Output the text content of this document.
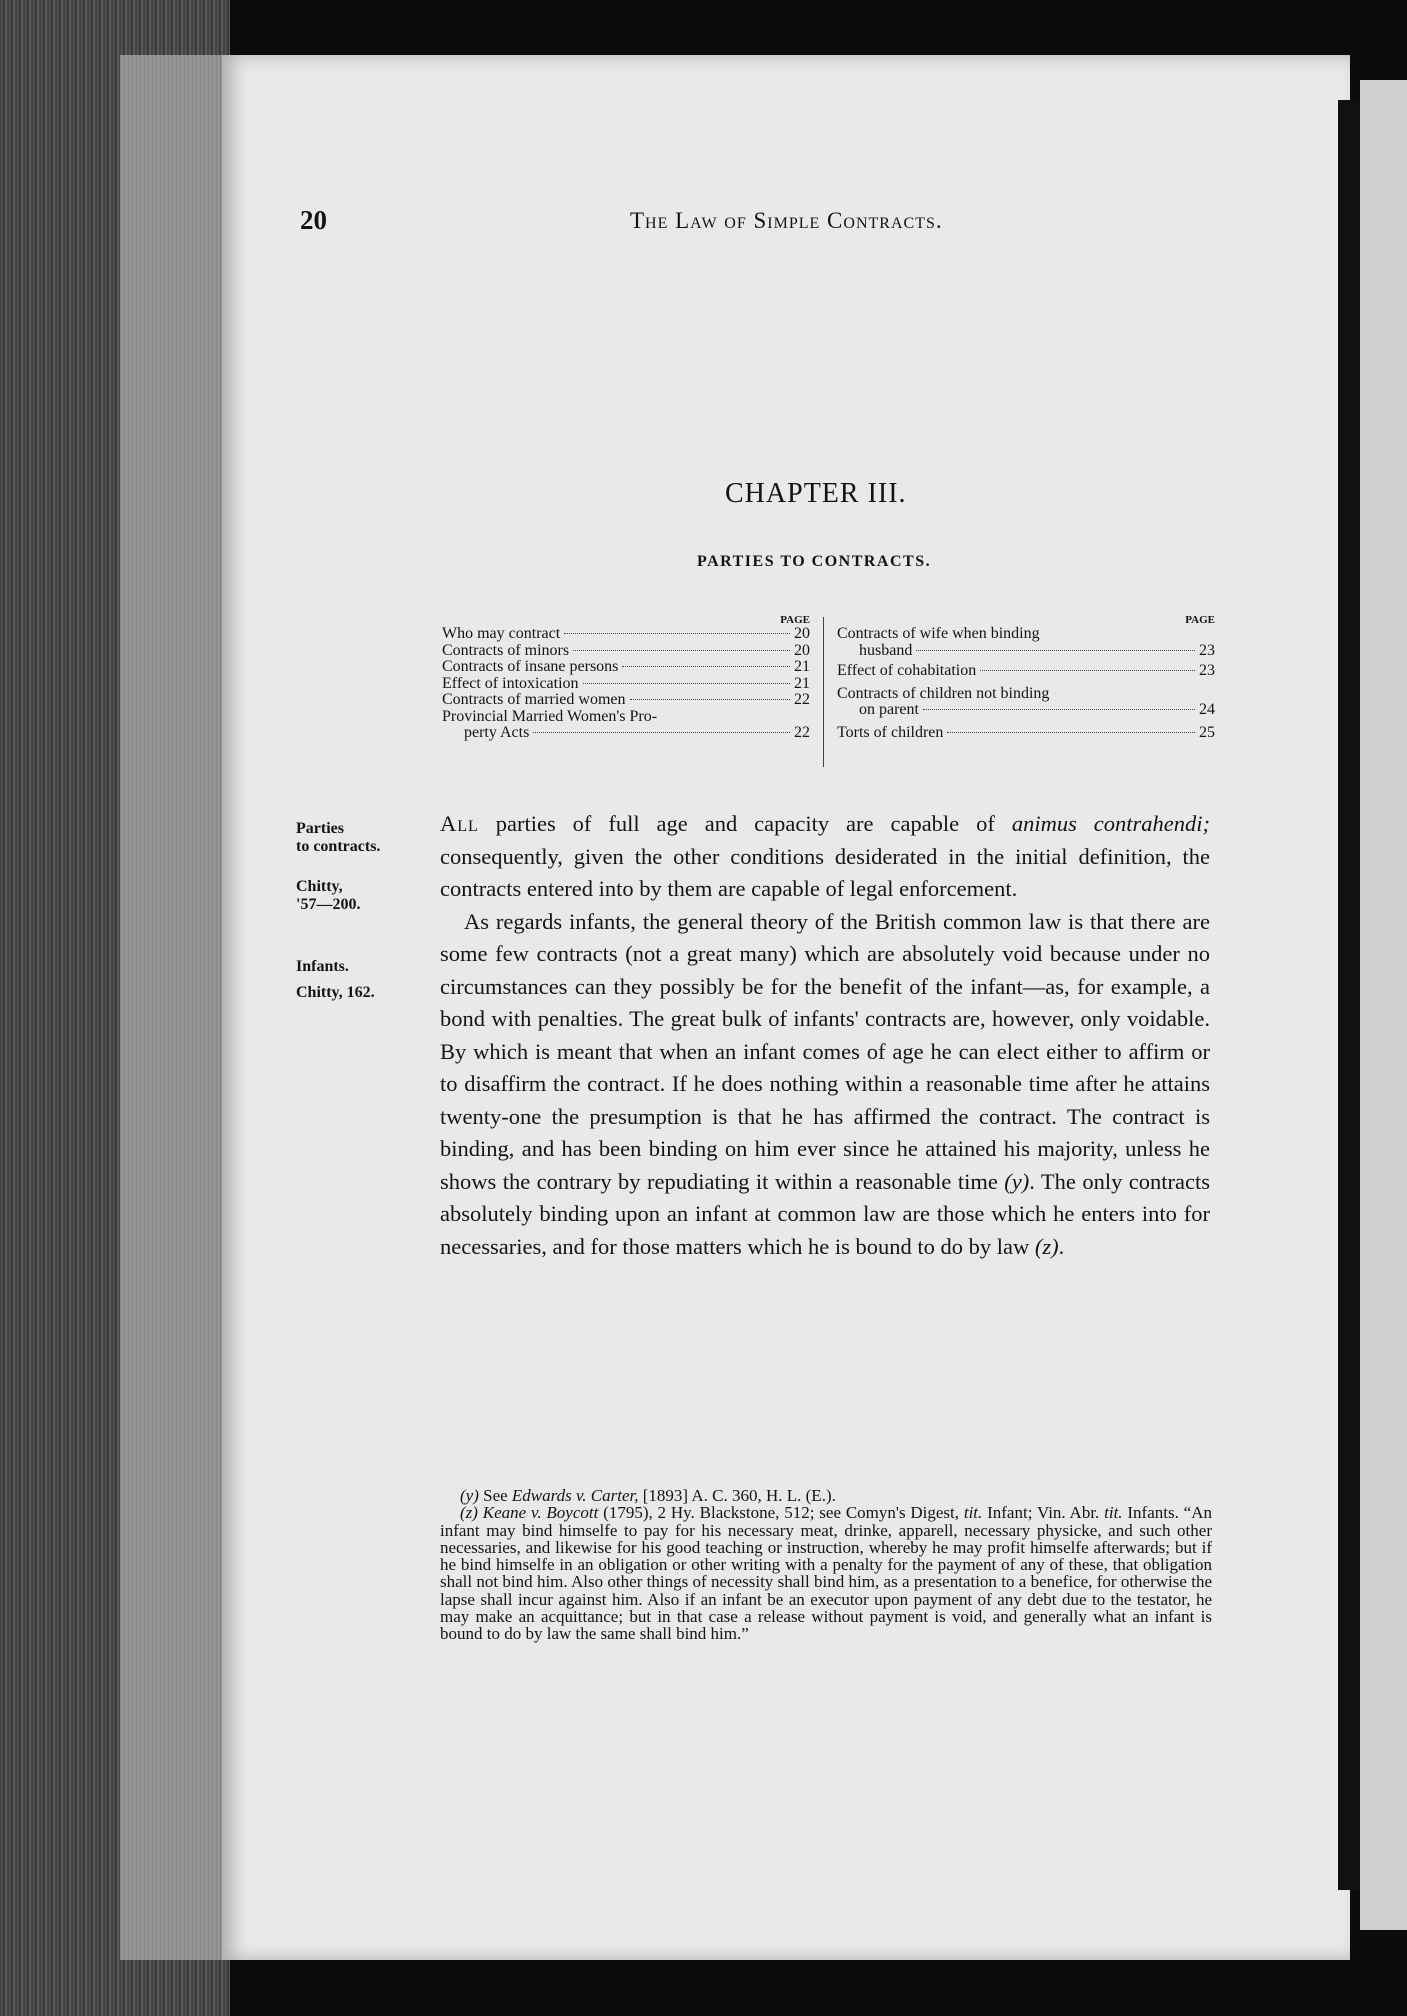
20	The Law of Simple Contracts.
CHAPTER III.
PARTIES TO CONTRACTS.
PAGE
Who may contract	20
Contracts of minors	20
Contracts of insane persons	21
Effect of intoxication	21
Contracts of married women	22
Provincial Married Women's Pro-
perty Acts	22
PAGE
Contracts of wife when binding
husband	23
Effect of cohabitation	23
Contracts of children not binding
on parent	24
Torts of children	25
Parties
to contracts.
Chitty,
'57—200.
Infants.
Chitty, 162.

All parties of full age and capacity are capable of animus contrahendi; consequently, given the other conditions desiderated in the initial definition, the contracts entered into by them are capable of legal enforcement.

As regards infants, the general theory of the British common law is that there are some few contracts (not a great many) which are absolutely void because under no circumstances can they possibly be for the benefit of the infant—as, for example, a bond with penalties. The great bulk of infants' contracts are, however, only voidable. By which is meant that when an infant comes of age he can elect either to affirm or to disaffirm the contract. If he does nothing within a reasonable time after he attains twenty-one the presumption is that he has affirmed the contract. The contract is binding, and has been binding on him ever since he attained his majority, unless he shows the contrary by repudiating it within a reasonable time (y). The only contracts absolutely binding upon an infant at common law are those which he enters into for necessaries, and for those matters which he is bound to do by law (z).

(y) See Edwards v. Carter, [1893] A. C. 360, H. L. (E.).

(z) Keane v. Boycott (1795), 2 Hy. Blackstone, 512; see Comyn's Digest, tit. Infant; Vin. Abr. tit. Infants. “An infant may bind himselfe to pay for his necessary meat, drinke, apparell, necessary physicke, and such other necessaries, and likewise for his good teaching or instruction, whereby he may profit himselfe afterwards; but if he bind himselfe in an obligation or other writing with a penalty for the payment of any of these, that obligation shall not bind him. Also other things of necessity shall bind him, as a presentation to a benefice, for otherwise the lapse shall incur against him. Also if an infant be an executor upon payment of any debt due to the testator, he may make an acquittance; but in that case a release without payment is void, and generally what an infant is bound to do by law the same shall bind him.”
